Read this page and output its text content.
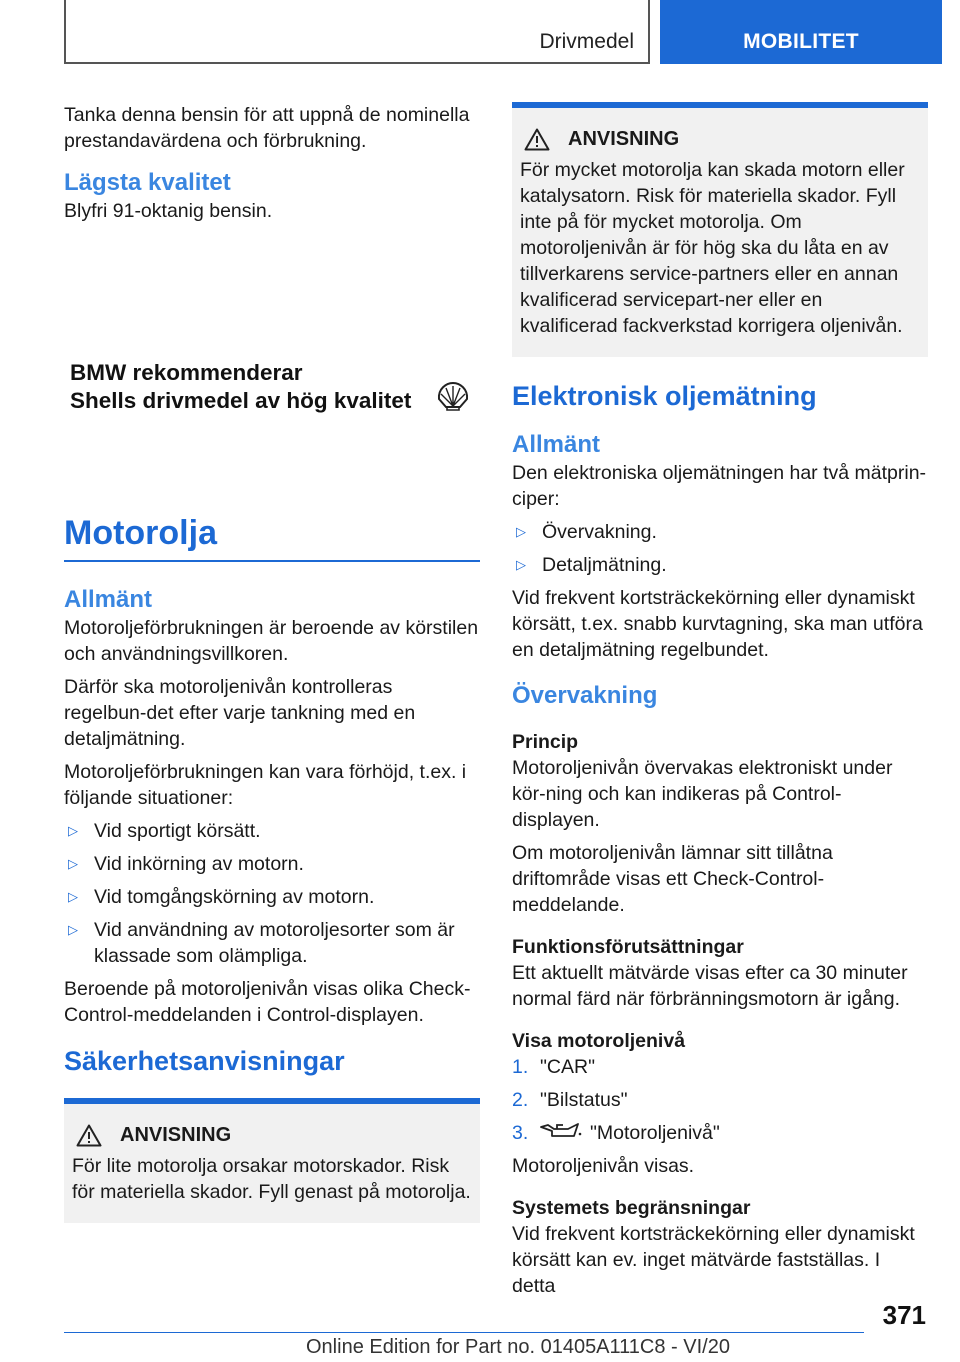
Drivmedel	MOBILITET

Tanka denna bensin för att uppnå de nominella prestandavärdena och förbrukning.

Lägsta kvalitet

Blyfri 91-oktanig bensin.

BMW rekommenderar
Shells drivmedel av hög kvalitet
Motorolja
Allmänt

Motoroljeförbrukningen är beroende av körstilen och användningsvillkoren.

Därför ska motoroljenivån kontrolleras regelbun-det efter varje tankning med en detaljmätning.

Motoroljeförbrukningen kan vara förhöjd, t.ex. i följande situationer:

▷ Vid sportigt körsätt.
▷ Vid inkörning av motorn.
▷ Vid tomgångskörning av motorn.
▷ Vid användning av motoroljesorter som är klassade som olämpliga.

Beroende på motoroljenivån visas olika Check-Control-meddelanden i Control-displayen.

Säkerhetsanvisningar
ANVISNING

För lite motorolja orsakar motorskador. Risk för materiella skador. Fyll genast på motorolja.

ANVISNING

För mycket motorolja kan skada motorn eller katalysatorn. Risk för materiella skador. Fyll inte på för mycket motorolja. Om motoroljenivån är för hög ska du låta en av tillverkarens service-partners eller en annan kvalificerad servicepart-ner eller en kvalificerad fackverkstad korrigera oljenivån.

Elektronisk oljemätning
Allmänt

Den elektroniska oljemätningen har två mätprin-ciper:

▷ Övervakning.
▷ Detaljmätning.

Vid frekvent kortsträckekörning eller dynamiskt körsätt, t.ex. snabb kurvtagning, ska man utföra en detaljmätning regelbundet.

Övervakning
Princip

Motoroljenivån övervakas elektroniskt under kör-ning och kan indikeras på Control-displayen.

Om motoroljenivån lämnar sitt tillåtna driftområde visas ett Check-Control-meddelande.

Funktionsförutsättningar

Ett aktuellt mätvärde visas efter ca 30 minuter normal färd när förbränningsmotorn är igång.

Visa motoroljenivå
1. "CAR"
2. "Bilstatus"
3.	"Motoroljenivå"

Motoroljenivån visas.

Systemets begränsningar

Vid frekvent kortsträckekörning eller dynamiskt körsätt kan ev. inget mätvärde fastställas. I detta

371
Online Edition for Part no. 01405A111C8 - VI/20
